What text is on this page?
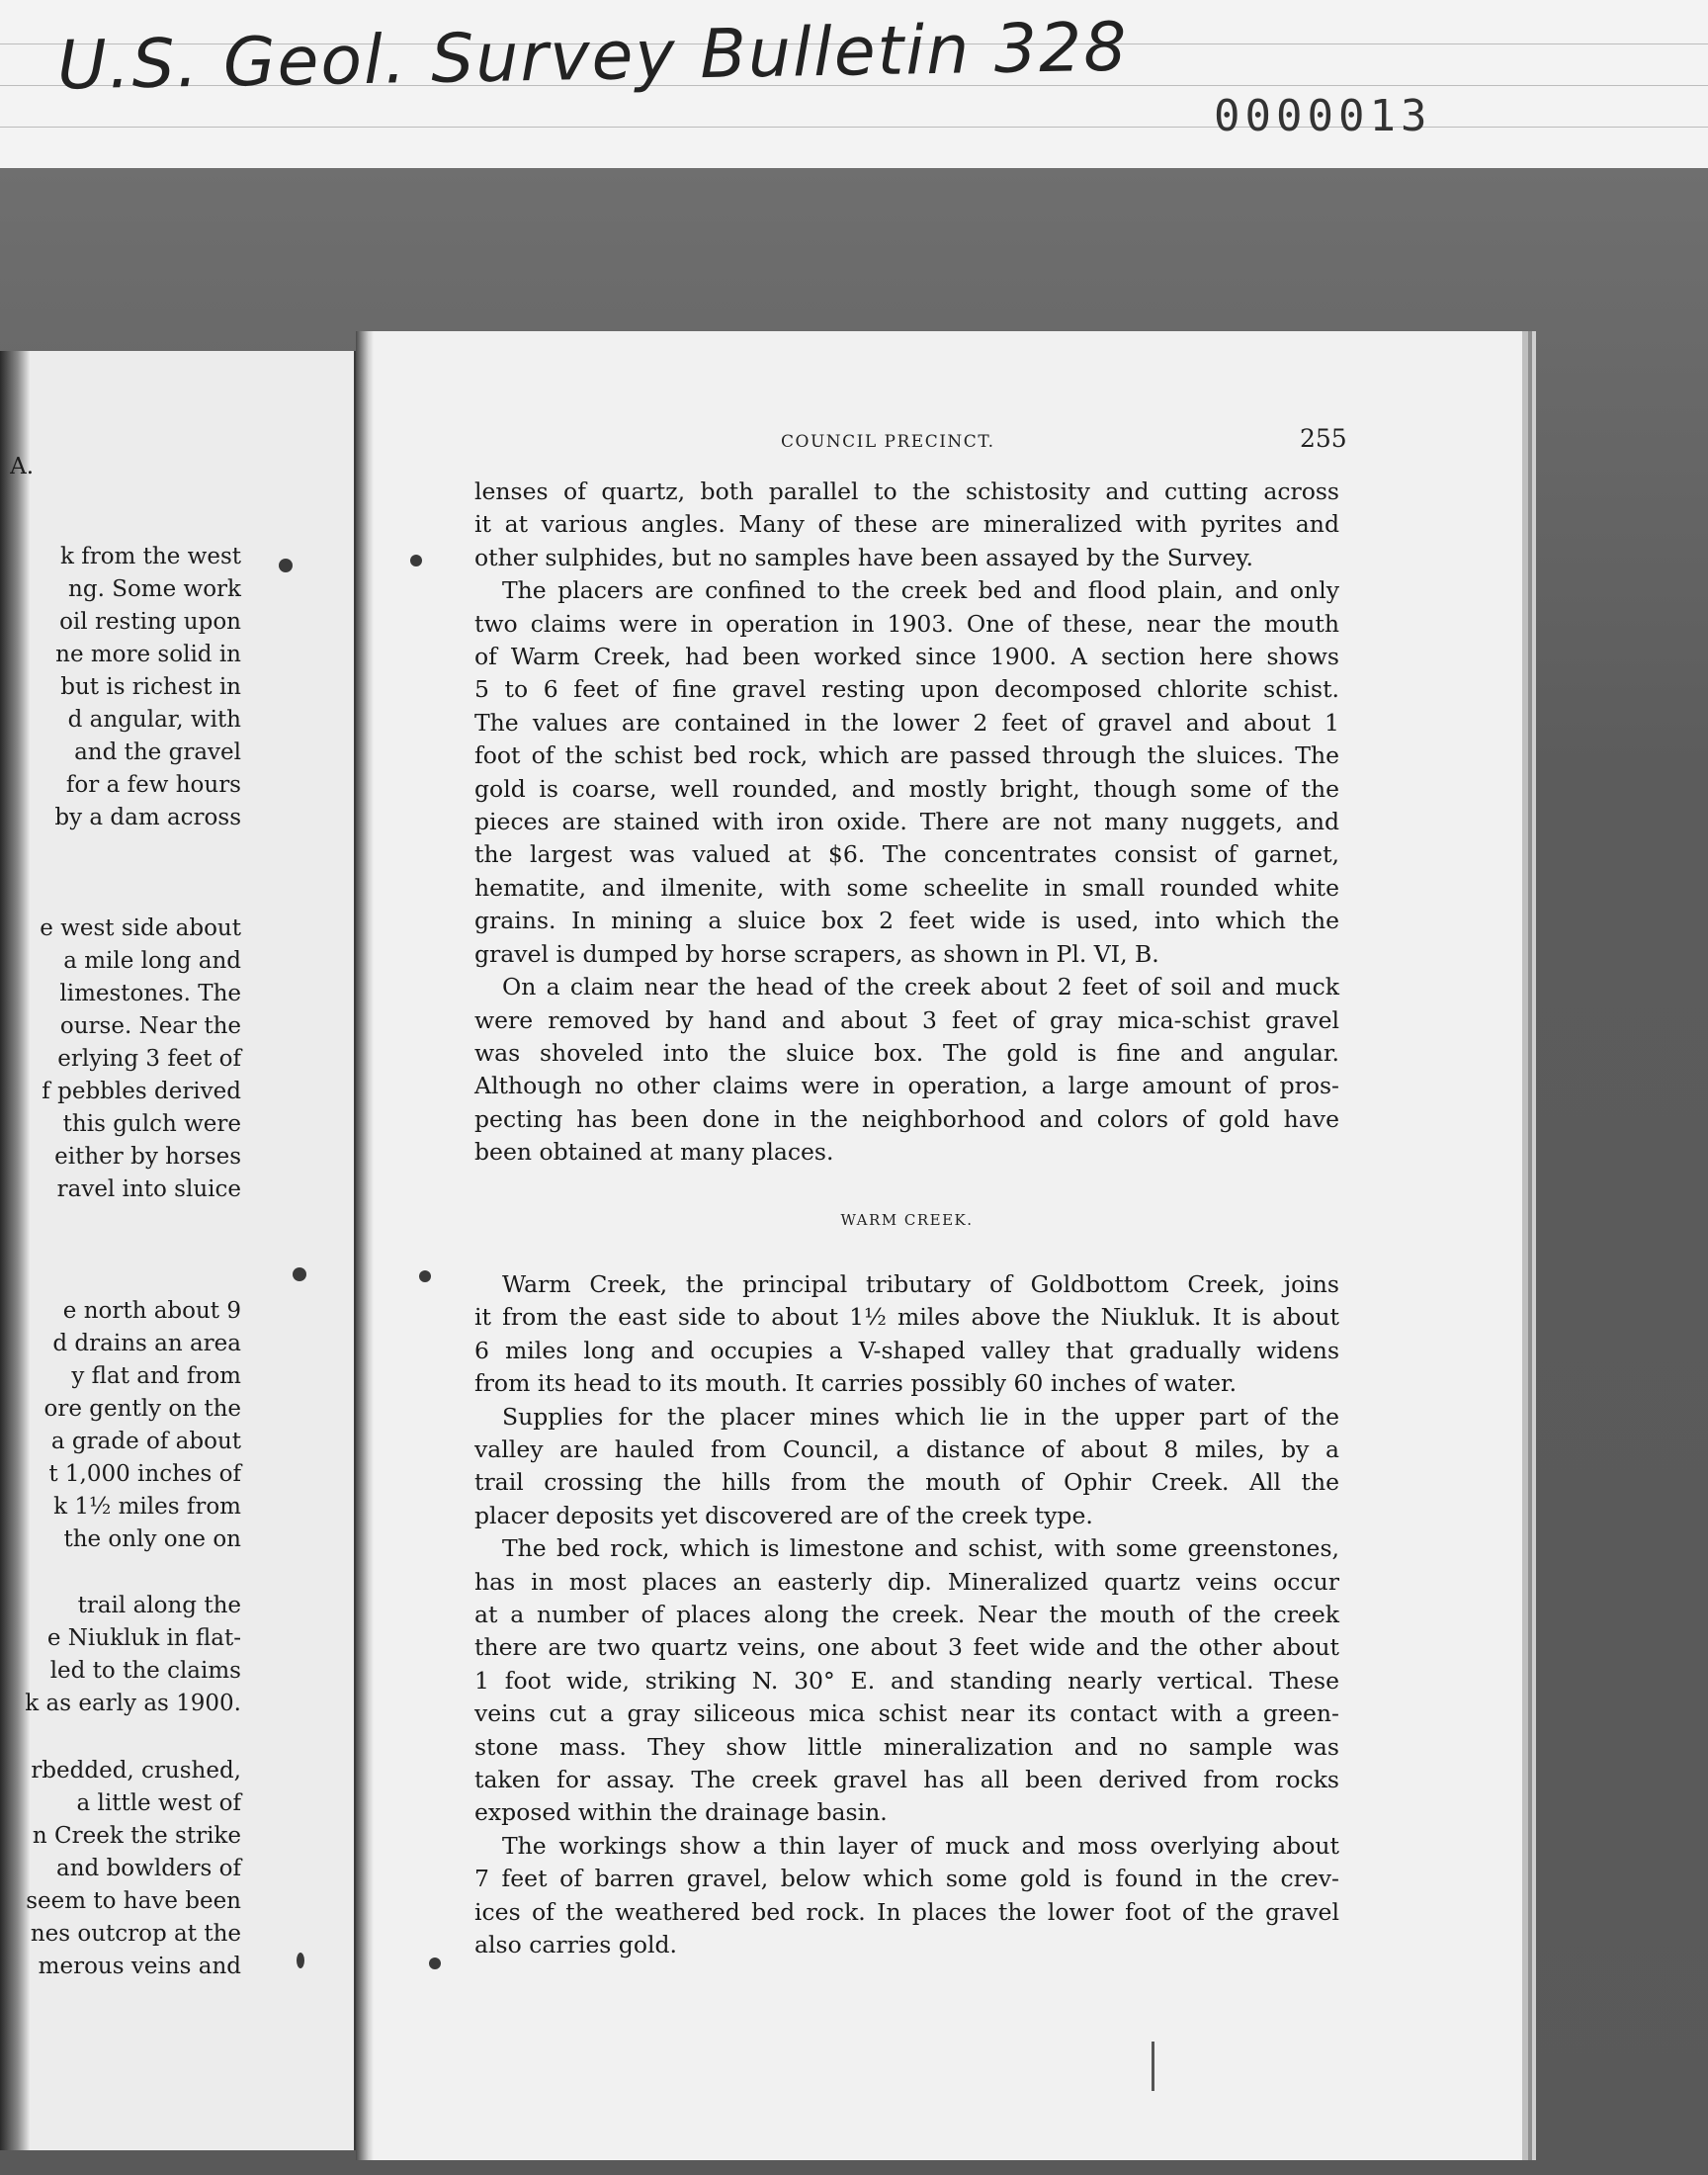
U.S. Geol. Survey Bulletin 328
0000013

A.

k from the west

ng. Some work

oil resting upon

ne more solid in

but is richest in

d angular, with

and the gravel

for a few hours

by a dam across

e west side about

a mile long and

limestones. The

ourse. Near the

erlying 3 feet of

f pebbles derived

this gulch were

either by horses

ravel into sluice

e north about 9

d drains an area

y flat and from

ore gently on the

a grade of about

t 1,000 inches of

k 1½ miles from

the only one on

trail along the

e Niukluk in flat-

led to the claims

k as early as 1900.

rbedded, crushed,

a little west of

n Creek the strike

and bowlders of

seem to have been

nes outcrop at the

merous veins and

COUNCIL PRECINCT.	255
lenses of quartz, both parallel to the schistosity and cutting across
it at various angles. Many of these are mineralized with pyrites and
other sulphides, but no samples have been assayed by the Survey.
The placers are confined to the creek bed and flood plain, and only
two claims were in operation in 1903. One of these, near the mouth
of Warm Creek, had been worked since 1900. A section here shows
5 to 6 feet of fine gravel resting upon decomposed chlorite schist.
The values are contained in the lower 2 feet of gravel and about 1
foot of the schist bed rock, which are passed through the sluices. The
gold is coarse, well rounded, and mostly bright, though some of the
pieces are stained with iron oxide. There are not many nuggets, and
the largest was valued at $6. The concentrates consist of garnet,
hematite, and ilmenite, with some scheelite in small rounded white
grains. In mining a sluice box 2 feet wide is used, into which the
gravel is dumped by horse scrapers, as shown in Pl. VI, B.
On a claim near the head of the creek about 2 feet of soil and muck
were removed by hand and about 3 feet of gray mica-schist gravel
was shoveled into the sluice box. The gold is fine and angular.
Although no other claims were in operation, a large amount of pros-
pecting has been done in the neighborhood and colors of gold have
been obtained at many places.
WARM CREEK.
Warm Creek, the principal tributary of Goldbottom Creek, joins
it from the east side to about 1½ miles above the Niukluk. It is about
6 miles long and occupies a V-shaped valley that gradually widens
from its head to its mouth. It carries possibly 60 inches of water.
Supplies for the placer mines which lie in the upper part of the
valley are hauled from Council, a distance of about 8 miles, by a
trail crossing the hills from the mouth of Ophir Creek. All the
placer deposits yet discovered are of the creek type.
The bed rock, which is limestone and schist, with some greenstones,
has in most places an easterly dip. Mineralized quartz veins occur
at a number of places along the creek. Near the mouth of the creek
there are two quartz veins, one about 3 feet wide and the other about
1 foot wide, striking N. 30° E. and standing nearly vertical. These
veins cut a gray siliceous mica schist near its contact with a green-
stone mass. They show little mineralization and no sample was
taken for assay. The creek gravel has all been derived from rocks
exposed within the drainage basin.
The workings show a thin layer of muck and moss overlying about
7 feet of barren gravel, below which some gold is found in the crev-
ices of the weathered bed rock. In places the lower foot of the gravel
also carries gold.
